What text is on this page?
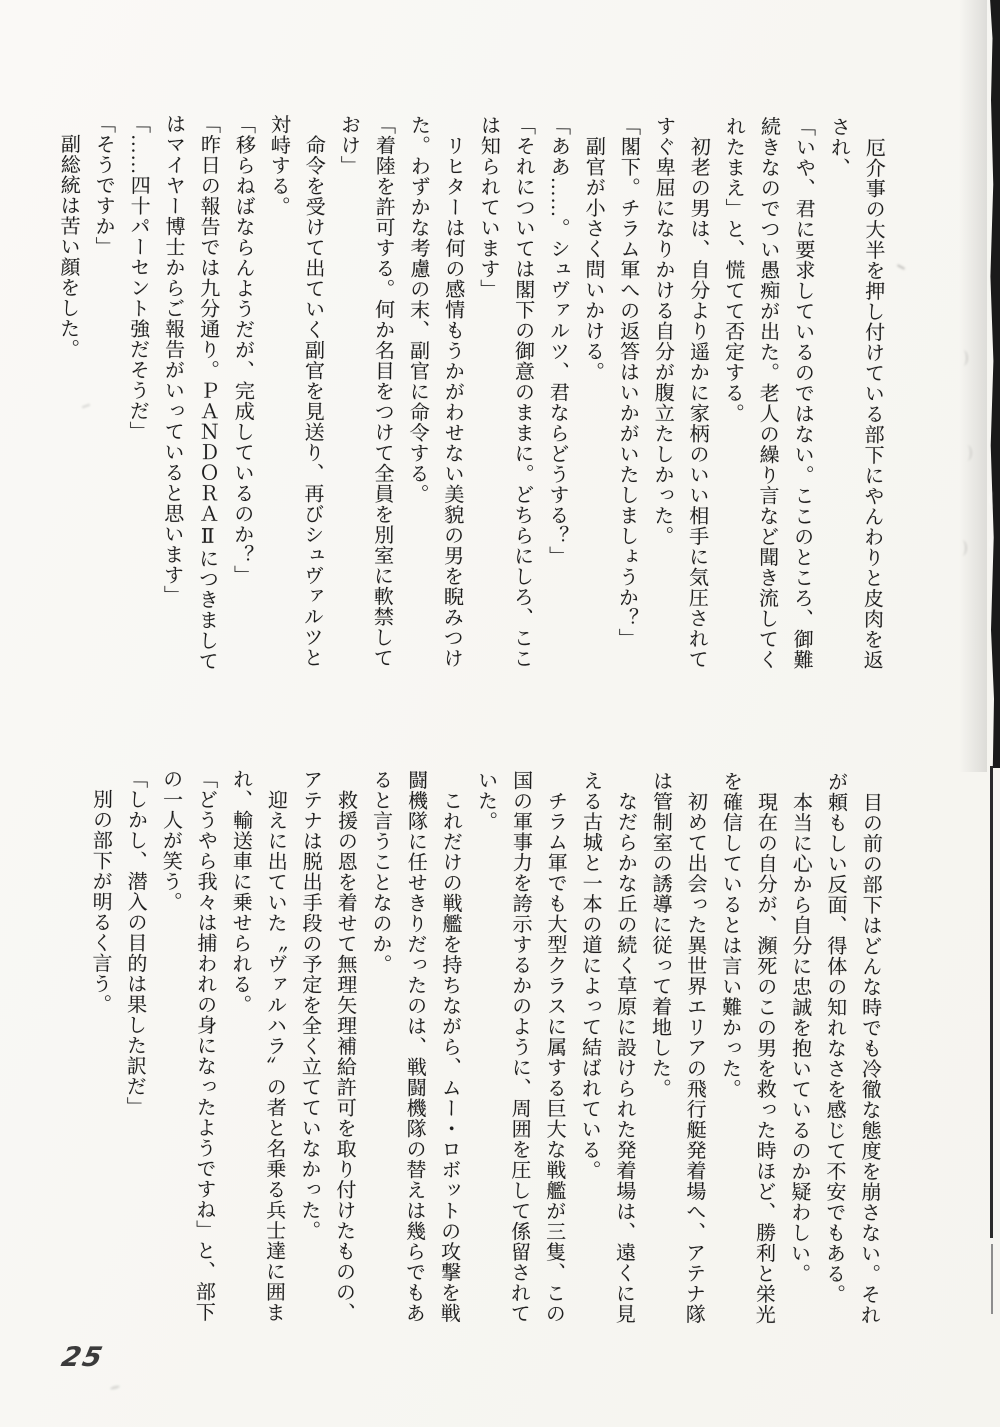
　厄介事の大半を押し付けている部下にやんわりと皮肉を返
され、
「いや、君に要求しているのではない。ここのところ、御難
続きなのでつい愚痴が出た。老人の繰り言など聞き流してく
れたまえ」と、慌てて否定する。
　初老の男は、自分より遥かに家柄のいい相手に気圧されて
すぐ卑屈になりかける自分が腹立たしかった。
「閣下。チラム軍への返答はいかがいたしましょうか？」
　副官が小さく問いかける。
「ああ……。シュヴァルツ、君ならどうする？」
「それについては閣下の御意のままに。どちらにしろ、ここ
は知られています」
　リヒターは何の感情もうかがわせない美貌の男を睨みつけ
た。わずかな考慮の末、副官に命令する。
「着陸を許可する。何か名目をつけて全員を別室に軟禁して
おけ」
　命令を受けて出ていく副官を見送り、再びシュヴァルツと
対峙する。
「移らねばならんようだが、完成しているのか？」
「昨日の報告では九分通り。ＰＡＮＤＯＲＡⅡにつきまして
はマイヤー博士からご報告がいっていると思います」
「……四十パーセント強だそうだ」
「そうですか」
　副総統は苦い顔をした。
　目の前の部下はどんな時でも冷徹な態度を崩さない。それ
が頼もしい反面、得体の知れなさを感じて不安でもある。
　本当に心から自分に忠誠を抱いているのか疑わしい。
　現在の自分が、瀕死のこの男を救った時ほど、勝利と栄光
を確信しているとは言い難かった。
　初めて出会った異世界エリアの飛行艇発着場へ、アテナ隊
は管制室の誘導に従って着地した。
　なだらかな丘の続く草原に設けられた発着場は、遠くに見
える古城と一本の道によって結ばれている。
　チラム軍でも大型クラスに属する巨大な戦艦が三隻、この
国の軍事力を誇示するかのように、周囲を圧して係留されて
いた。
　これだけの戦艦を持ちながら、ムー・ロボットの攻撃を戦
闘機隊に任せきりだったのは、戦闘機隊の替えは幾らでもあ
ると言うことなのか。
　救援の恩を着せて無理矢理補給許可を取り付けたものの、
アテナは脱出手段の予定を全く立てていなかった。
　迎えに出ていた〝ヴァルハラ〟の者と名乗る兵士達に囲ま
れ、輸送車に乗せられる。
「どうやら我々は捕われの身になったようですね」と、部下
の一人が笑う。
「しかし、潜入の目的は果した訳だ」
　別の部下が明るく言う。
25
